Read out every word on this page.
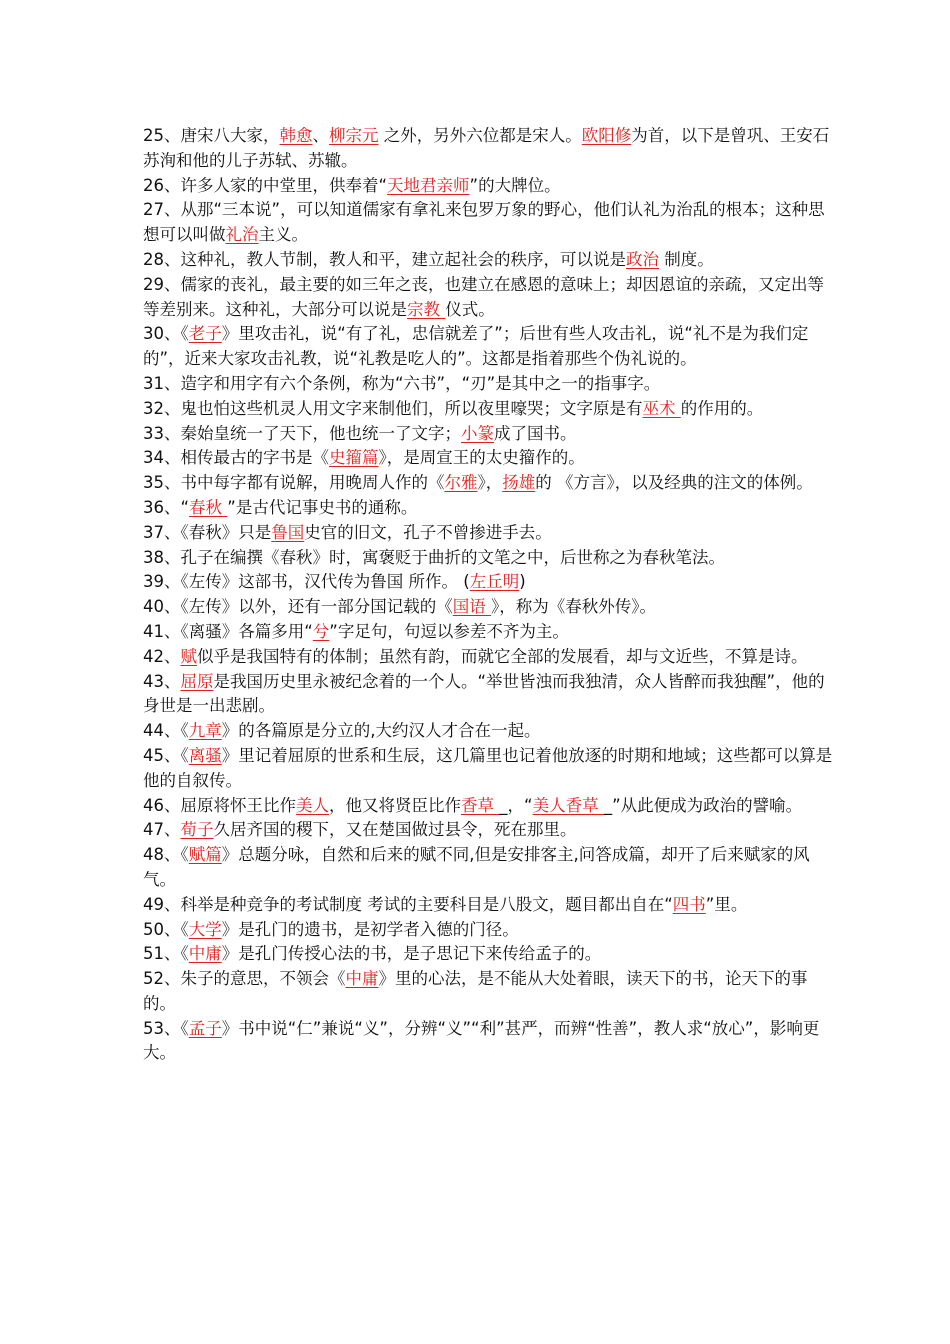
25、唐宋八大家，韩愈、柳宗元 之外，另外六位都是宋人。欧阳修为首，以下是曾巩、王安石苏洵和他的儿子苏轼、苏辙。

26、许多人家的中堂里，供奉着“天地君亲师”的大牌位。

27、从那“三本说”，可以知道儒家有拿礼来包罗万象的野心，他们认礼为治乱的根本；这种思想可以叫做礼治主义。

28、这种礼，教人节制，教人和平，建立起社会的秩序，可以说是政治 制度。

29、儒家的丧礼，最主要的如三年之丧，也建立在感恩的意味上；却因恩谊的亲疏，又定出等等差别来。这种礼，大部分可以说是宗教 仪式。

30、《老子》里攻击礼，说“有了礼，忠信就差了”；后世有些人攻击礼，说“礼不是为我们定的”，近来大家攻击礼教，说“礼教是吃人的”。这都是指着那些个伪礼说的。

31、造字和用字有六个条例，称为“六书”，“刃”是其中之一的指事字。

32、鬼也怕这些机灵人用文字来制他们，所以夜里嚎哭；文字原是有巫术 的作用的。

33、秦始皇统一了天下，他也统一了文字；小篆成了国书。

34、相传最古的字书是《史籀篇》，是周宣王的太史籀作的。

35、书中每字都有说解，用晚周人作的《尔雅》，扬雄的 《方言》，以及经典的注文的体例。

36、“春秋 ”是古代记事史书的通称。

37、《春秋》只是鲁国史官的旧文，孔子不曾掺进手去。

38、孔子在编撰《春秋》时，寓褒贬于曲折的文笔之中，后世称之为春秋笔法。

39、《左传》这部书，汉代传为鲁国 所作。 (左丘明)

40、《左传》以外，还有一部分国记载的《国语 》，称为《春秋外传》。

41、《离骚》各篇多用“兮”字足句，句逗以参差不齐为主。

42、赋似乎是我国特有的体制；虽然有韵，而就它全部的发展看，却与文近些，不算是诗。

43、屈原是我国历史里永被纪念着的一个人。“举世皆浊而我独清，众人皆醉而我独醒”，他的身世是一出悲剧。

44、《九章》的各篇原是分立的,大约汉人才合在一起。

45、《离骚》里记着屈原的世系和生辰，这几篇里也记着他放逐的时期和地域；这些都可以算是他的自叙传。

46、屈原将怀王比作美人，他又将贤臣比作香草 _，“美人香草 _”从此便成为政治的譬喻。

47、荀子久居齐国的稷下，又在楚国做过县令，死在那里。

48、《赋篇》总题分咏，自然和后来的赋不同,但是安排客主,问答成篇，却开了后来赋家的风气。

49、科举是种竞争的考试制度 考试的主要科目是八股文，题目都出自在“四书”里。

50、《大学》是孔门的遗书，是初学者入德的门径。

51、《中庸》是孔门传授心法的书，是子思记下来传给孟子的。

52、朱子的意思，不领会《中庸》里的心法，是不能从大处着眼，读天下的书，论天下的事的。

53、《孟子》书中说“仁”兼说“义”，分辨“义”“利”甚严，而辨“性善”，教人求“放心”，影响更大。
